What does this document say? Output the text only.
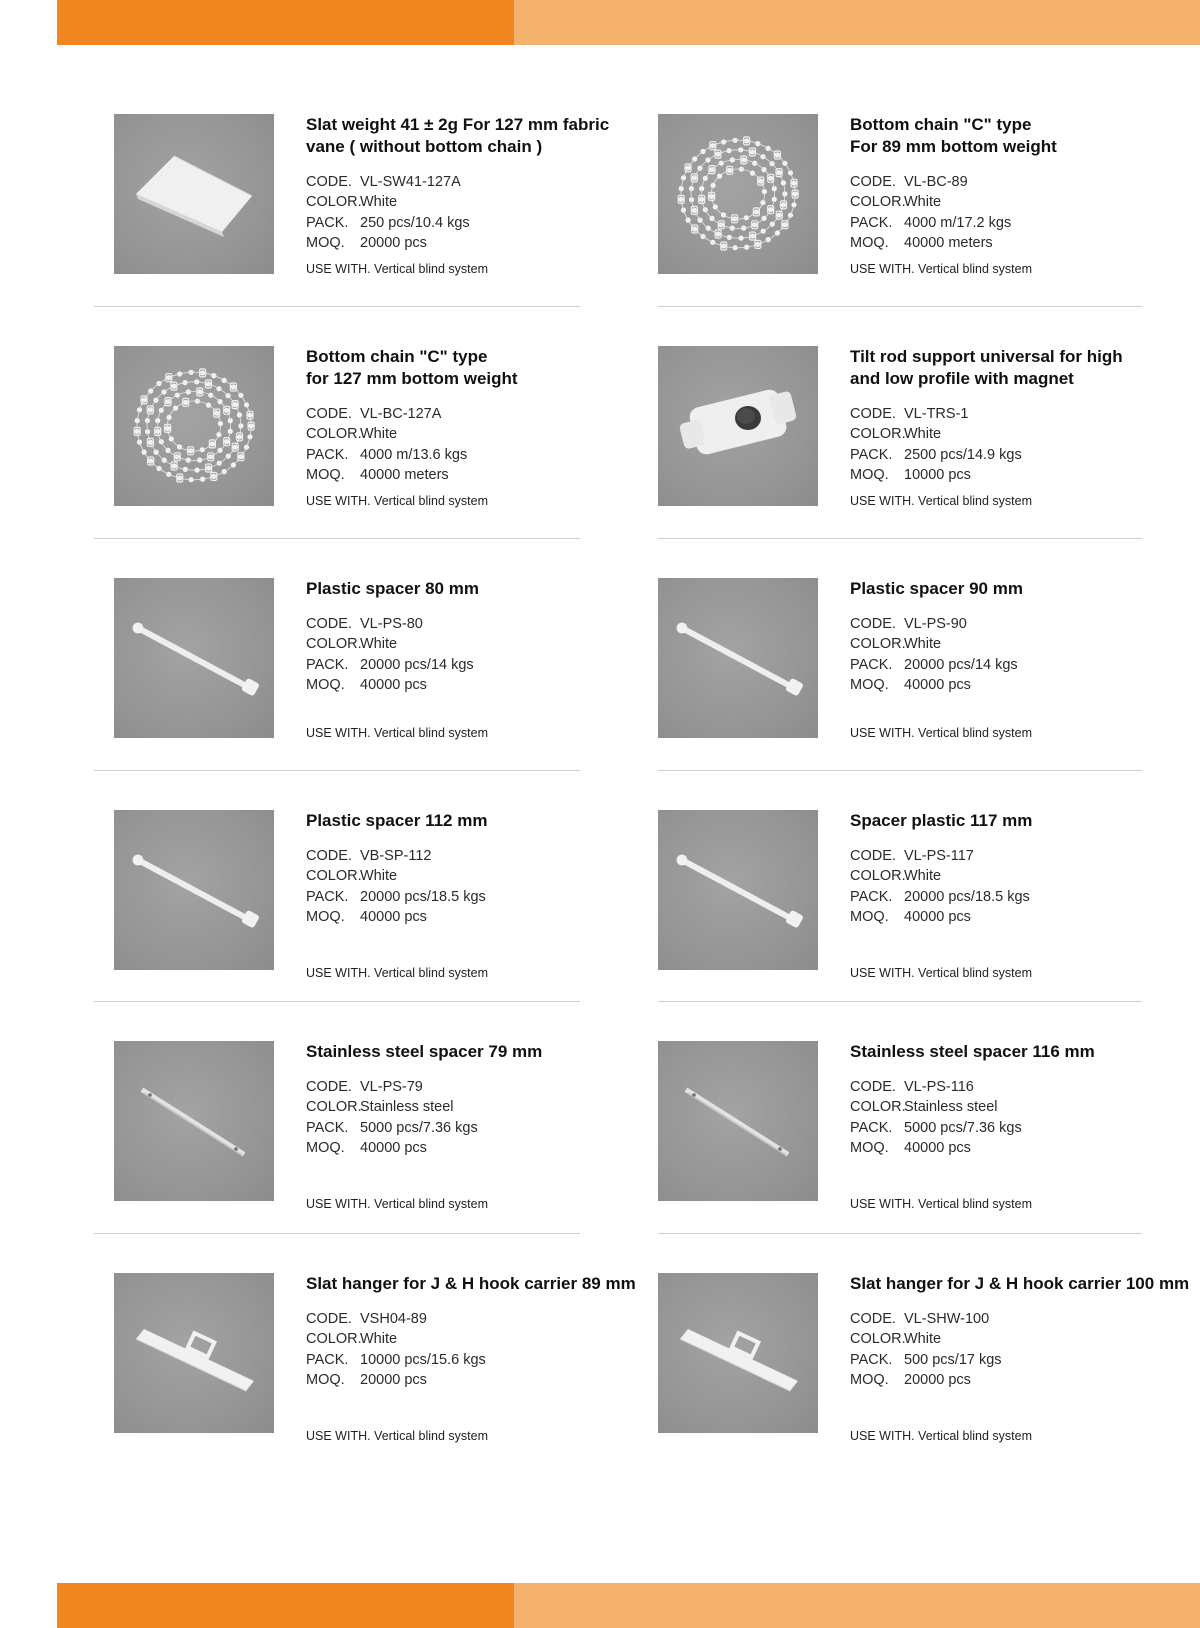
Slat weight 41 ± 2g For 127 mm fabric
vane ( without bottom chain )
CODE. VL-SW41-127A
COLOR.
White
PACK. 250 pcs/10.4 kgs
MOQ.	20000 pcs
USE WITH. Vertical blind system
Bottom chain "C" type
For 89 mm bottom weight
CODE. VL-BC-89
COLOR.
White
PACK. 4000 m/17.2 kgs
MOQ.	40000 meters
USE WITH. Vertical blind system
Bottom chain "C" type
for 127 mm bottom weight
CODE. VL-BC-127A
COLOR.
White
PACK. 4000 m/13.6 kgs
MOQ.	40000 meters
USE WITH. Vertical blind system
Tilt rod support universal for high
and low profile with magnet
CODE. VL-TRS-1
COLOR.
White
PACK. 2500 pcs/14.9 kgs
MOQ.	10000 pcs
USE WITH. Vertical blind system
Plastic spacer 80 mm
CODE. VL-PS-80
COLOR.
White
PACK. 20000 pcs/14 kgs
MOQ.	40000 pcs
USE WITH. Vertical blind system
Plastic spacer 90 mm
CODE. VL-PS-90
COLOR.
White
PACK. 20000 pcs/14 kgs
MOQ.	40000 pcs
USE WITH. Vertical blind system
Plastic spacer 112 mm
CODE. VB-SP-112
COLOR.
White
PACK. 20000 pcs/18.5 kgs
MOQ.	40000 pcs
USE WITH. Vertical blind system
Spacer plastic 117 mm
CODE. VL-PS-117
COLOR.
White
PACK. 20000 pcs/18.5 kgs
MOQ.	40000 pcs
USE WITH. Vertical blind system
Stainless steel spacer 79 mm
CODE. VL-PS-79
COLOR.
Stainless steel
PACK. 5000 pcs/7.36 kgs
MOQ.	40000 pcs
USE WITH. Vertical blind system
Stainless steel spacer 116 mm
CODE. VL-PS-116
COLOR.
Stainless steel
PACK. 5000 pcs/7.36 kgs
MOQ.	40000 pcs
USE WITH. Vertical blind system
Slat hanger for J & H hook carrier 89 mm
CODE. VSH04-89
COLOR.
White
PACK. 10000 pcs/15.6 kgs
MOQ.	20000 pcs
USE WITH. Vertical blind system
Slat hanger for J & H hook carrier 100 mm
CODE. VL-SHW-100
COLOR.
White
PACK. 500 pcs/17 kgs
MOQ.	20000 pcs
USE WITH. Vertical blind system
